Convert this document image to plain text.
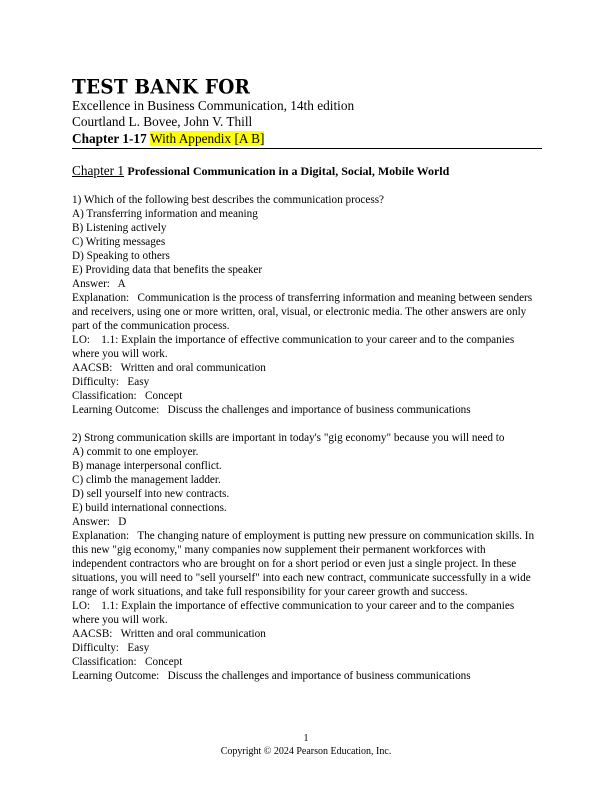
TEST BANK FOR
Excellence in Business Communication, 14th edition
Courtland L. Bovee, John V. Thill
Chapter 1-17 With Appendix [A B]
Chapter 1 Professional Communication in a Digital, Social, Mobile World
1) Which of the following best describes the communication process?
A) Transferring information and meaning
B) Listening actively
C) Writing messages
D) Speaking to others
E) Providing data that benefits the speaker
Answer:   A
Explanation:   Communication is the process of transferring information and meaning between senders and receivers, using one or more written, oral, visual, or electronic media. The other answers are only part of the communication process.
LO:    1.1: Explain the importance of effective communication to your career and to the companies where you will work.
AACSB:   Written and oral communication
Difficulty:   Easy
Classification:   Concept
Learning Outcome:   Discuss the challenges and importance of business communications
2) Strong communication skills are important in today's "gig economy" because you will need to
A) commit to one employer.
B) manage interpersonal conflict.
C) climb the management ladder.
D) sell yourself into new contracts.
E) build international connections.
Answer:   D
Explanation:   The changing nature of employment is putting new pressure on communication skills. In this new "gig economy," many companies now supplement their permanent workforces with independent contractors who are brought on for a short period or even just a single project. In these situations, you will need to "sell yourself" into each new contract, communicate successfully in a wide range of work situations, and take full responsibility for your career growth and success.
LO:    1.1: Explain the importance of effective communication to your career and to the companies where you will work.
AACSB:   Written and oral communication
Difficulty:   Easy
Classification:   Concept
Learning Outcome:   Discuss the challenges and importance of business communications
1
Copyright © 2024 Pearson Education, Inc.
